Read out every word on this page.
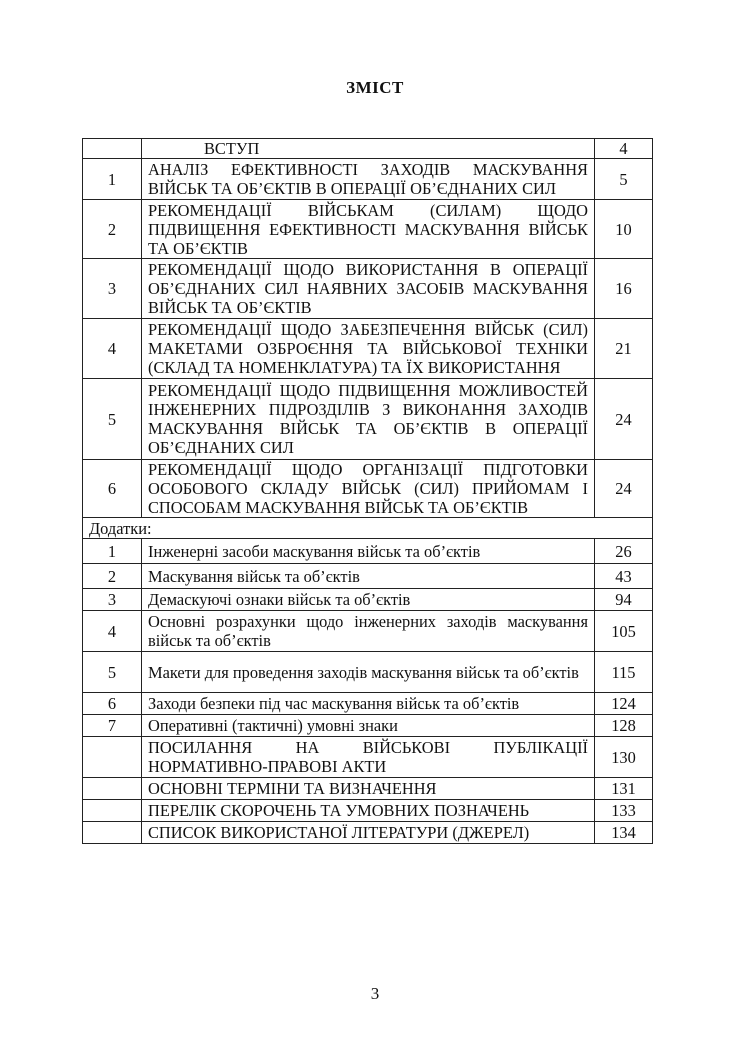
ЗМІСТ
	ВСТУП	4
1	АНАЛІЗ ЕФЕКТИВНОСТІ ЗАХОДІВ МАСКУВАННЯ ВІЙСЬК ТА ОБ’ЄКТІВ В ОПЕРАЦІЇ ОБ’ЄДНАНИХ СИЛ	5
2	РЕКОМЕНДАЦІЇ ВІЙСЬКАМ (СИЛАМ) ЩОДО ПІДВИЩЕННЯ ЕФЕКТИВНОСТІ МАСКУВАННЯ ВІЙСЬК ТА ОБ’ЄКТІВ	10
3	РЕКОМЕНДАЦІЇ ЩОДО ВИКОРИСТАННЯ В ОПЕРАЦІЇ ОБ’ЄДНАНИХ СИЛ НАЯВНИХ ЗАСОБІВ МАСКУВАННЯ ВІЙСЬК ТА ОБ’ЄКТІВ	16
4	РЕКОМЕНДАЦІЇ ЩОДО ЗАБЕЗПЕЧЕННЯ ВІЙСЬК (СИЛ) МАКЕТАМИ ОЗБРОЄННЯ ТА ВІЙСЬКОВОЇ ТЕХНІКИ (СКЛАД ТА НОМЕНКЛАТУРА) ТА ЇХ ВИКОРИСТАННЯ	21
5	РЕКОМЕНДАЦІЇ ЩОДО ПІДВИЩЕННЯ МОЖЛИВОСТЕЙ ІНЖЕНЕРНИХ ПІДРОЗДІЛІВ З ВИКОНАННЯ ЗАХОДІВ МАСКУВАННЯ ВІЙСЬК ТА ОБ’ЄКТІВ В ОПЕРАЦІЇ ОБ’ЄДНАНИХ СИЛ	24
6	РЕКОМЕНДАЦІЇ ЩОДО ОРГАНІЗАЦІЇ ПІДГОТОВКИ ОСОБОВОГО СКЛАДУ ВІЙСЬК (СИЛ) ПРИЙОМАМ І СПОСОБАМ МАСКУВАННЯ ВІЙСЬК ТА ОБ’ЄКТІВ	24
Додатки:		
1	Інженерні засоби маскування військ та об’єктів	26
2	Маскування військ та об’єктів	43
3	Демаскуючі ознаки військ та об’єктів	94
4	Основні розрахунки щодо інженерних заходів маскування військ та об’єктів	105
5	Макети для проведення заходів маскування військ та об’єктів	115
6	Заходи безпеки під час маскування військ та об’єктів	124
7	Оперативні (тактичні) умовні знаки	128
	ПОСИЛАННЯ НА ВІЙСЬКОВІ ПУБЛІКАЦІЇ НОРМАТИВНО-ПРАВОВІ АКТИ	130
	ОСНОВНІ ТЕРМІНИ ТА ВИЗНАЧЕННЯ	131
	ПЕРЕЛІК СКОРОЧЕНЬ ТА УМОВНИХ ПОЗНАЧЕНЬ	133
	СПИСОК ВИКОРИСТАНОЇ ЛІТЕРАТУРИ (ДЖЕРЕЛ)	134
3
